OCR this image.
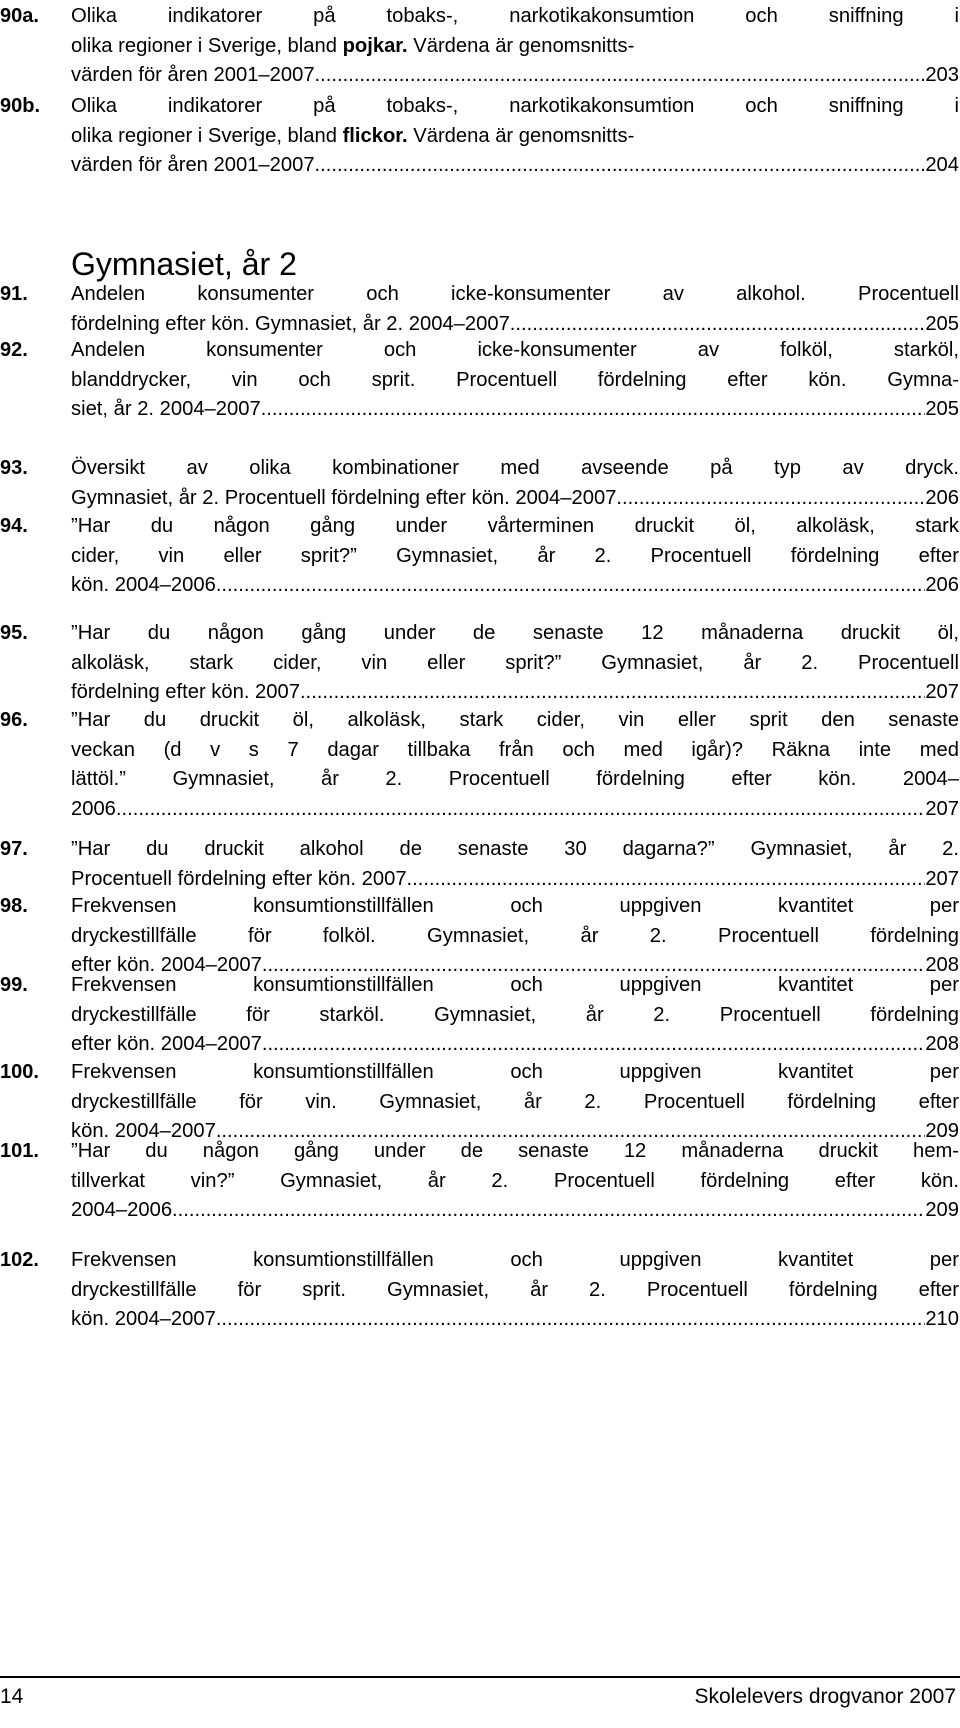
Gymnasiet, år 2
14	Skolelevers drogvanor 2007
90a. Olika indikatorer på tobaks-, narkotikakonsumtion och sniffning i
olika regioner i Sverige, bland pojkar. Värdena är genomsnitts-
värden för åren 2001–2007. .....	203
90b. Olika indikatorer på tobaks-, narkotikakonsumtion och sniffning i
olika regioner i Sverige, bland flickor. Värdena är genomsnitts-
värden för åren 2001–2007. .....	204
91. Andelen konsumenter och icke-konsumenter av alkohol. Procentuell
fördelning efter kön. Gymnasiet, år 2. 2004–2007 .....	205
92. Andelen konsumenter och icke-konsumenter av folköl, starköl,
blanddrycker, vin och sprit. Procentuell fördelning efter kön. Gymna-
siet, år 2. 2004–2007 .....	205
93. Översikt av olika kombinationer med avseende på typ av dryck.
Gymnasiet, år 2. Procentuell fördelning efter kön. 2004–2007 .....	206
94. ”Har du någon gång under vårterminen druckit öl, alkoläsk, stark
cider, vin eller sprit?” Gymnasiet, år 2. Procentuell fördelning efter
kön. 2004–2006 .....	206
95. ”Har du någon gång under de senaste 12 månaderna druckit öl,
alkoläsk, stark cider, vin eller sprit?” Gymnasiet, år 2. Procentuell
fördelning efter kön. 2007 .....	207
96. ”Har du druckit öl, alkoläsk, stark cider, vin eller sprit den senaste
veckan (d v s 7 dagar tillbaka från och med igår)? Räkna inte med
lättöl.” Gymnasiet, år 2. Procentuell fördelning efter kön. 2004–
2006. .....	207
97. ”Har du druckit alkohol de senaste 30 dagarna?” Gymnasiet, år 2.
Procentuell fördelning efter kön. 2007. .....	207
98. Frekvensen konsumtionstillfällen och uppgiven kvantitet per
dryckestillfälle för folköl. Gymnasiet, år 2. Procentuell fördelning
efter kön. 2004–2007. .....	208
99. Frekvensen konsumtionstillfällen och uppgiven kvantitet per
dryckestillfälle för starköl. Gymnasiet, år 2. Procentuell fördelning
efter kön. 2004–2007. .....	208
100. Frekvensen konsumtionstillfällen och uppgiven kvantitet per
dryckestillfälle för vin. Gymnasiet, år 2. Procentuell fördelning efter
kön. 2004–2007 .....	209
101. ”Har du någon gång under de senaste 12 månaderna druckit hem-
tillverkat vin?” Gymnasiet, år 2. Procentuell fördelning efter kön.
2004–2006. .....	209
102. Frekvensen konsumtionstillfällen och uppgiven kvantitet per
dryckestillfälle för sprit. Gymnasiet, år 2. Procentuell fördelning efter
kön. 2004–2007 .....	210
